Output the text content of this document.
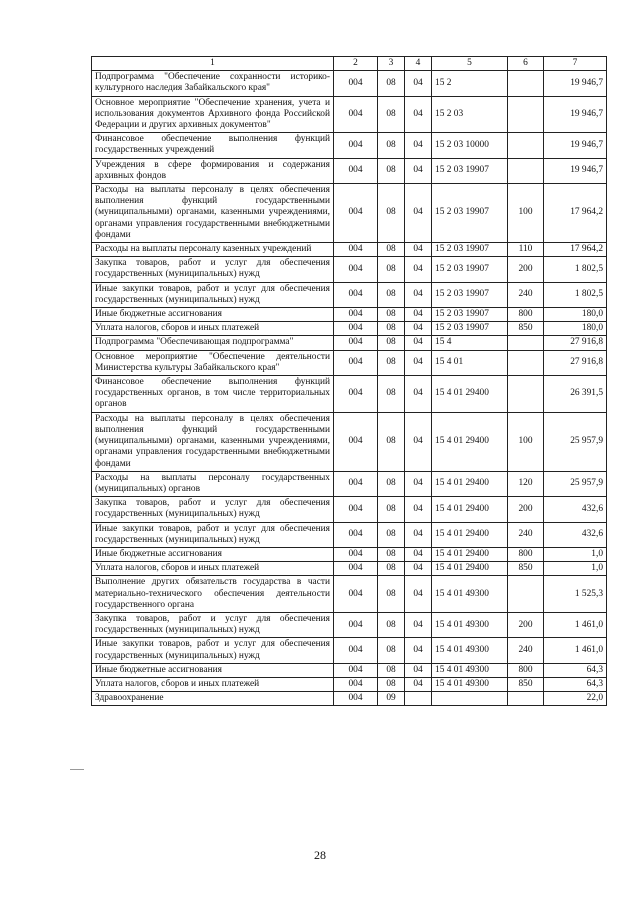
1	2	3	4	5	6	7
Подпрограмма "Обеспечение сохранности историко-культурного наследия Забайкальского края"	004	08	04	15 2		19 946,7
Основное мероприятие "Обеспечение хранения, учета и использования документов Архивного фонда Российской Федерации и других архивных документов"	004	08	04	15 2 03		19 946,7
Финансовое обеспечение выполнения функций государственных учреждений	004	08	04	15 2 03 10000		19 946,7
Учреждения в сфере формирования и содержания архивных фондов	004	08	04	15 2 03 19907		19 946,7
Расходы на выплаты персоналу в целях обеспечения выполнения функций государственными (муниципальными) органами, казенными учреждениями, органами управления государственными внебюджетными фондами	004	08	04	15 2 03 19907	100	17 964,2
Расходы на выплаты персоналу казенных учреждений	004	08	04	15 2 03 19907	110	17 964,2
Закупка товаров, работ и услуг для обеспечения государственных (муниципальных) нужд	004	08	04	15 2 03 19907	200	1 802,5
Иные закупки товаров, работ и услуг для обеспечения государственных (муниципальных) нужд	004	08	04	15 2 03 19907	240	1 802,5
Иные бюджетные ассигнования	004	08	04	15 2 03 19907	800	180,0
Уплата налогов, сборов и иных платежей	004	08	04	15 2 03 19907	850	180,0
Подпрограмма "Обеспечивающая подпрограмма"	004	08	04	15 4		27 916,8
Основное мероприятие "Обеспечение деятельности Министерства культуры Забайкальского края"	004	08	04	15 4 01		27 916,8
Финансовое обеспечение выполнения функций государственных органов, в том числе территориальных органов	004	08	04	15 4 01 29400		26 391,5
Расходы на выплаты персоналу в целях обеспечения выполнения функций государственными (муниципальными) органами, казенными учреждениями, органами управления государственными внебюджетными фондами	004	08	04	15 4 01 29400	100	25 957,9
Расходы на выплаты персоналу государственных (муниципальных) органов	004	08	04	15 4 01 29400	120	25 957,9
Закупка товаров, работ и услуг для обеспечения государственных (муниципальных) нужд	004	08	04	15 4 01 29400	200	432,6
Иные закупки товаров, работ и услуг для обеспечения государственных (муниципальных) нужд	004	08	04	15 4 01 29400	240	432,6
Иные бюджетные ассигнования	004	08	04	15 4 01 29400	800	1,0
Уплата налогов, сборов и иных платежей	004	08	04	15 4 01 29400	850	1,0
Выполнение других обязательств государства в части материально-технического обеспечения деятельности государственного органа	004	08	04	15 4 01 49300		1 525,3
Закупка товаров, работ и услуг для обеспечения государственных (муниципальных) нужд	004	08	04	15 4 01 49300	200	1 461,0
Иные закупки товаров, работ и услуг для обеспечения государственных (муниципальных) нужд	004	08	04	15 4 01 49300	240	1 461,0
Иные бюджетные ассигнования	004	08	04	15 4 01 49300	800	64,3
Уплата налогов, сборов и иных платежей	004	08	04	15 4 01 49300	850	64,3
Здравоохранение	004	09				22,0
28
